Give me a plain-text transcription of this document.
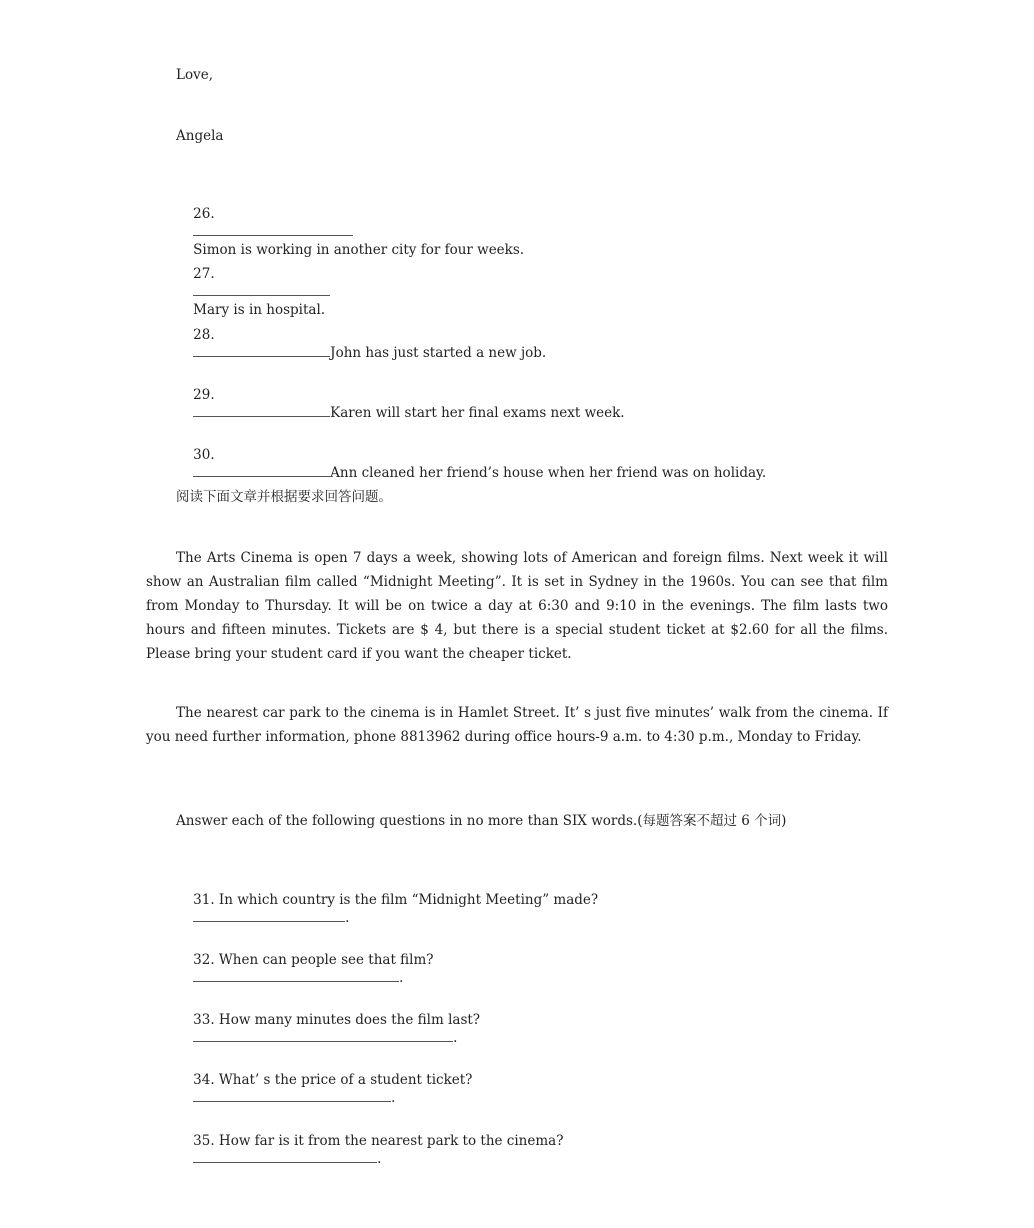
Love,
Angela

26.

Simon is working in another city for four weeks.

27.

Mary is in hospital.

28.
John has just started a new job.

29.
Karen will start her final exams next week.

30.
Ann cleaned her friend’s house when her friend was on holiday.

阅读下面文章并根据要求回答问题。
The Arts Cinema is open 7 days a week, showing lots of American and foreign films. Next week it will show an Australian film called “Midnight Meeting”. It is set in Sydney in the 1960s. You can see that film from Monday to Thursday. It will be on twice a day at 6:30 and 9:10 in the evenings. The film lasts two hours and fifteen minutes. Tickets are $ 4, but there is a special student ticket at $2.60 for all the films. Please bring your student card if you want the cheaper ticket.
The nearest car park to the cinema is in Hamlet Street. It’ s just five minutes’ walk from the cinema. If you need further information, phone 8813962 during office hours-9 a.m. to 4:30 p.m., Monday to Friday.
Answer each of the following questions in no more than SIX words.(每题答案不超过 6 个词)

31. In which country is the film “Midnight Meeting” made?
.

32. When can people see that film?
.

33. How many minutes does the film last?
.

34. What’ s the price of a student ticket?
.

35. How far is it from the nearest park to the cinema?
.
